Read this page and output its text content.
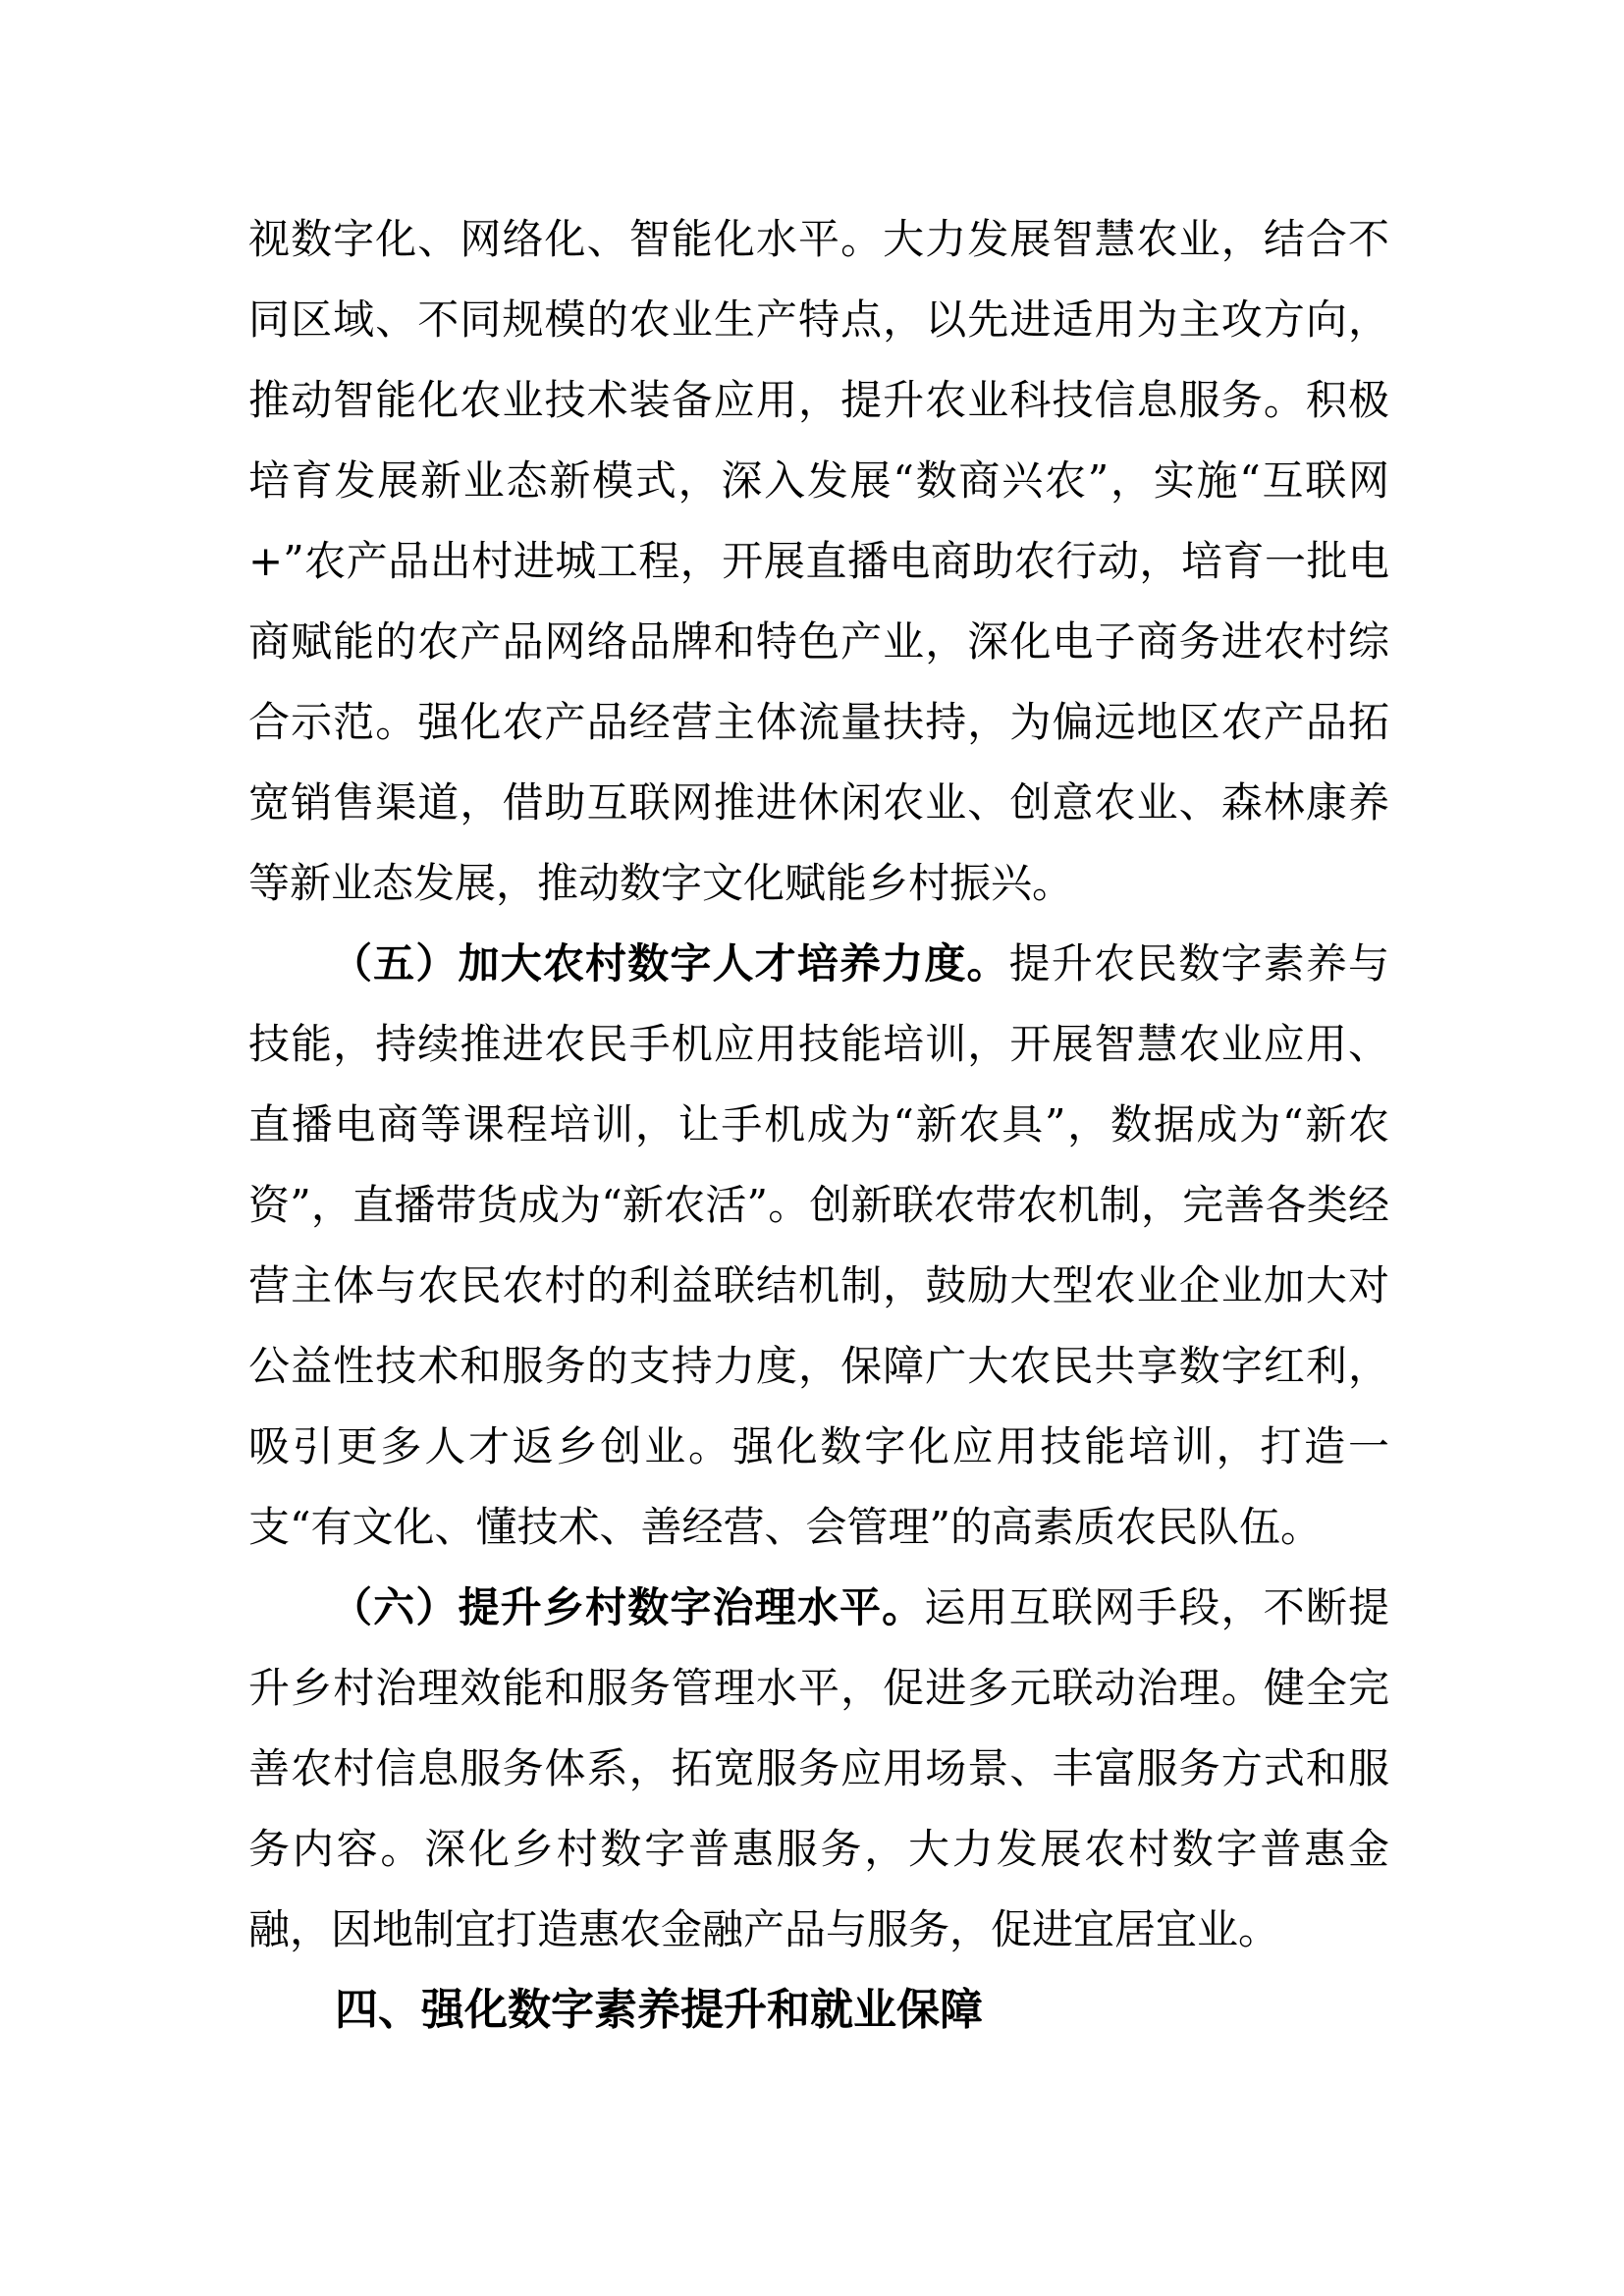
视数字化、网络化、智能化水平。大力发展智慧农业，结合不同区域、不同规模的农业生产特点，以先进适用为主攻方向，推动智能化农业技术装备应用，提升农业科技信息服务。积极培育发展新业态新模式，深入发展“数商兴农”，实施“互联网+”农产品出村进城工程，开展直播电商助农行动，培育一批电商赋能的农产品网络品牌和特色产业，深化电子商务进农村综合示范。强化农产品经营主体流量扶持，为偏远地区农产品拓宽销售渠道，借助互联网推进休闲农业、创意农业、森林康养等新业态发展，推动数字文化赋能乡村振兴。

（五）加大农村数字人才培养力度。提升农民数字素养与技能，持续推进农民手机应用技能培训，开展智慧农业应用、直播电商等课程培训，让手机成为“新农具”，数据成为“新农资”，直播带货成为“新农活”。创新联农带农机制，完善各类经营主体与农民农村的利益联结机制，鼓励大型农业企业加大对公益性技术和服务的支持力度，保障广大农民共享数字红利，吸引更多人才返乡创业。强化数字化应用技能培训，打造一支“有文化、懂技术、善经营、会管理”的高素质农民队伍。

（六）提升乡村数字治理水平。运用互联网手段，不断提升乡村治理效能和服务管理水平，促进多元联动治理。健全完善农村信息服务体系，拓宽服务应用场景、丰富服务方式和服务内容。深化乡村数字普惠服务，大力发展农村数字普惠金融，因地制宜打造惠农金融产品与服务，促进宜居宜业。

四、强化数字素养提升和就业保障
